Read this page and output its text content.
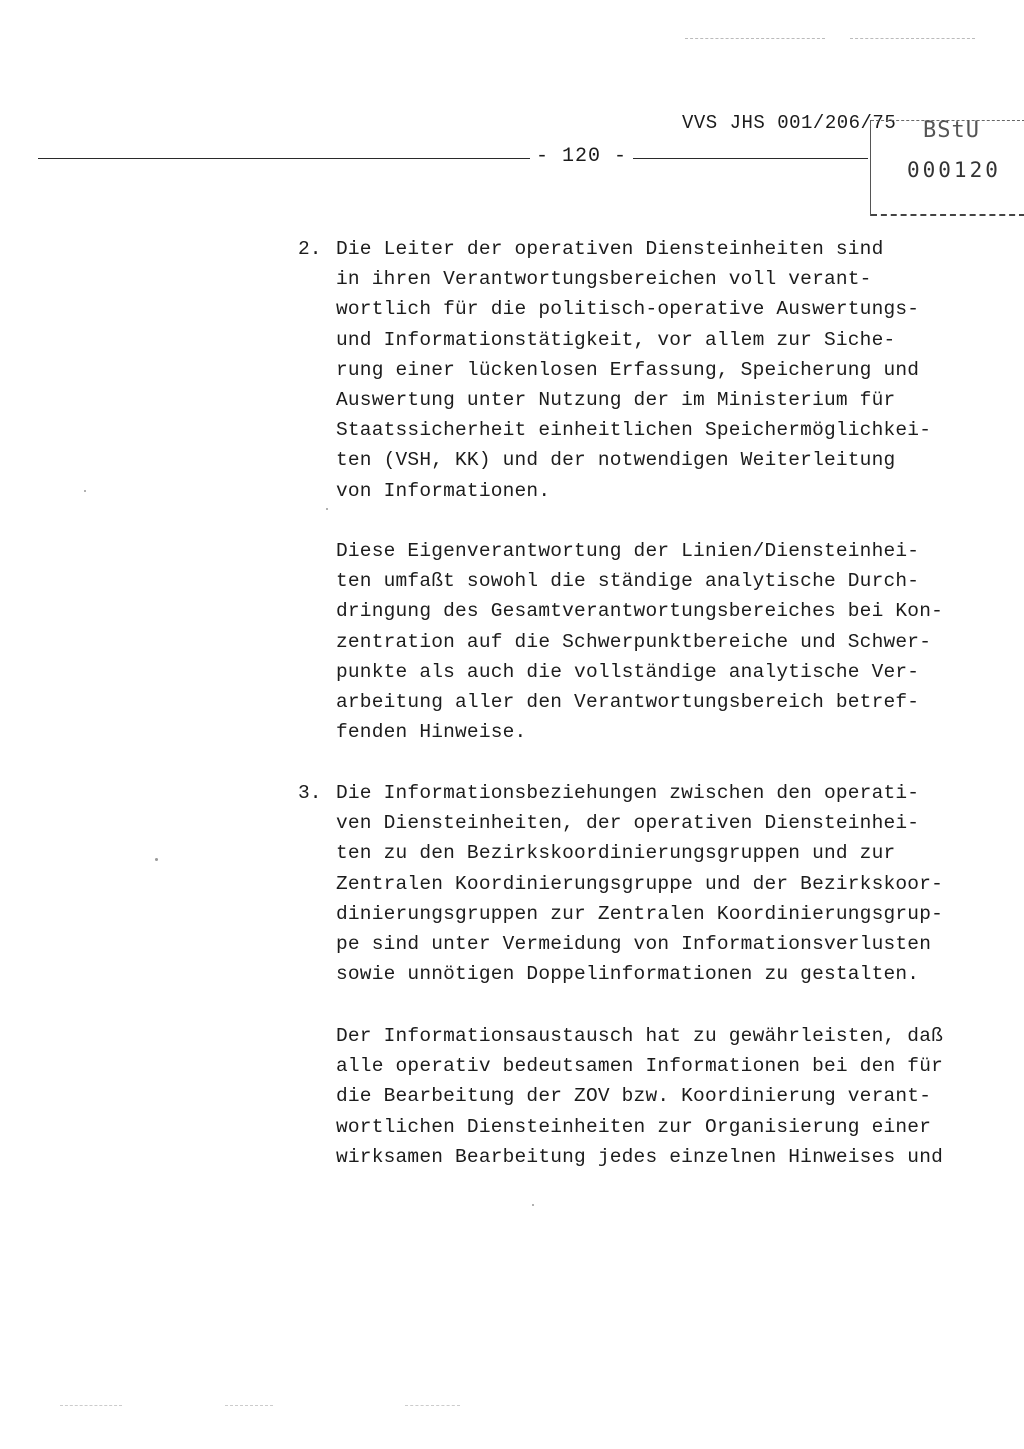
VVS JHS 001/206/75
- 120 -
BStU
000120
2. Die Leiter der operativen Diensteinheiten sind
in ihren Verantwortungsbereichen voll verant-
wortlich für die politisch-operative Auswertungs-
und Informationstätigkeit, vor allem zur Siche-
rung einer lückenlosen Erfassung, Speicherung und
Auswertung unter Nutzung der im Ministerium für
Staatssicherheit einheitlichen Speichermöglichkei-
ten (VSH, KK) und der notwendigen Weiterleitung
von Informationen.

Diese Eigenverantwortung der Linien/Diensteinhei-
ten umfaßt sowohl die ständige analytische Durch-
dringung des Gesamtverantwortungsbereiches bei Kon-
zentration auf die Schwerpunktbereiche und Schwer-
punkte als auch die vollständige analytische Ver-
arbeitung aller den Verantwortungsbereich betref-
fenden Hinweise.

3. Die Informationsbeziehungen zwischen den operati-
ven Diensteinheiten, der operativen Diensteinhei-
ten zu den Bezirkskoordinierungsgruppen und zur
Zentralen Koordinierungsgruppe und der Bezirkskoor-
dinierungsgruppen zur Zentralen Koordinierungsgrup-
pe sind unter Vermeidung von Informationsverlusten
sowie unnötigen Doppelinformationen zu gestalten.

Der Informationsaustausch hat zu gewährleisten, daß
alle operativ bedeutsamen Informationen bei den für
die Bearbeitung der ZOV bzw. Koordinierung verant-
wortlichen Diensteinheiten zur Organisierung einer
wirksamen Bearbeitung jedes einzelnen Hinweises und
